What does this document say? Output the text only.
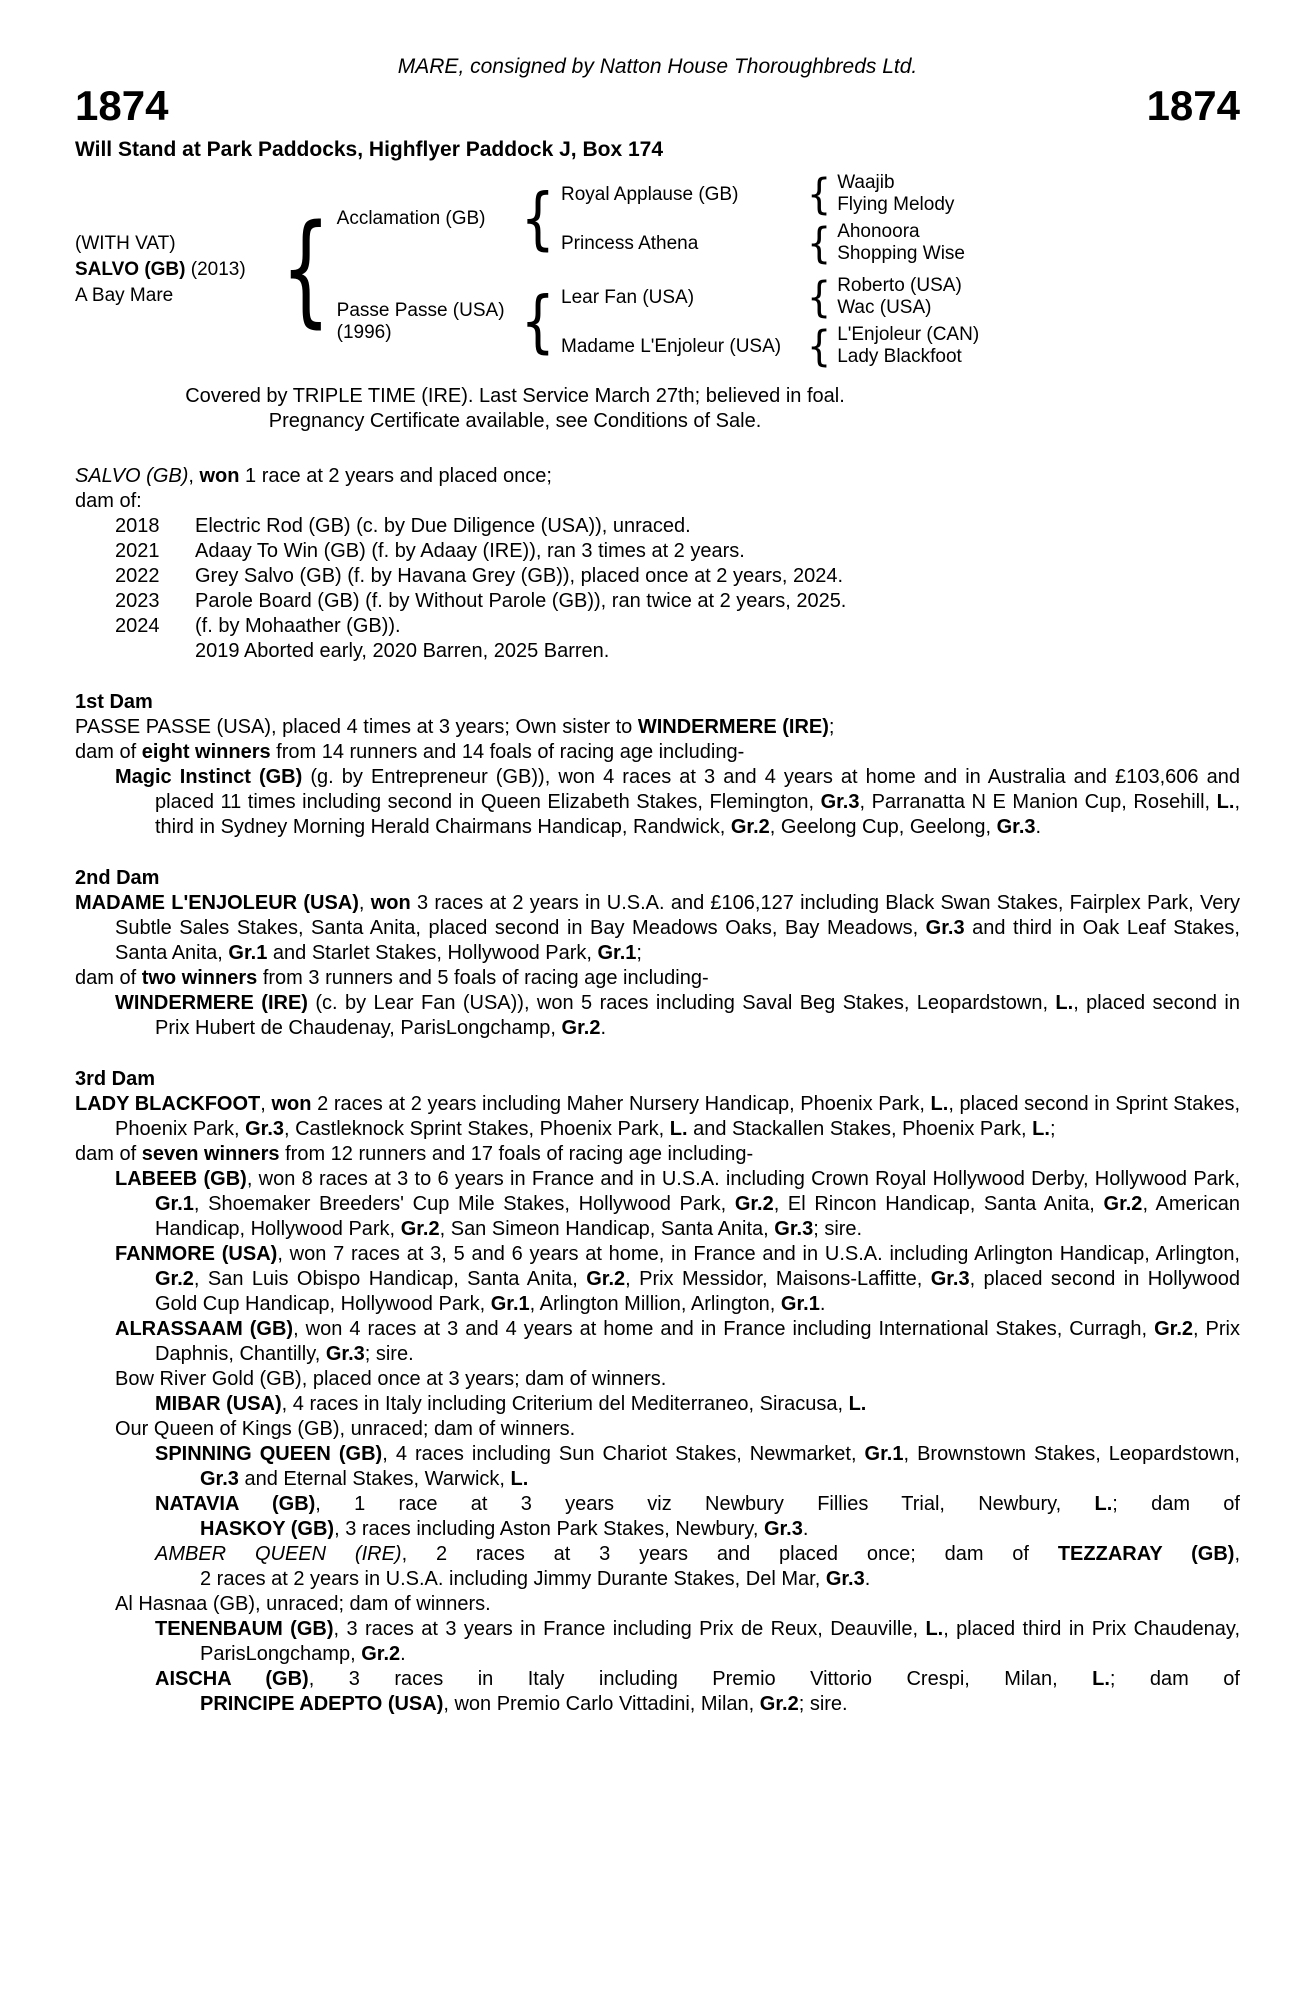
MARE, consigned by Natton House Thoroughbreds Ltd.
1874	1874
Will Stand at Park Paddocks, Highflyer Paddock J, Box 174
(WITH VAT)
SALVO (GB) (2013)
A Bay Mare	{ Acclamation (GB) { Royal Applause (GB)	{ Waajib
Flying Melody
Princess Athena	{ Ahonoora
Shopping Wise
Passe Passe (USA)
(1996)	{ Lear Fan (USA)	{ Roberto (USA)
Wac (USA)
Madame L'Enjoleur (USA) { L'Enjoleur (CAN)
Lady Blackfoot
Covered by TRIPLE TIME (IRE). Last Service March 27th; believed in foal.
Pregnancy Certificate available, see Conditions of Sale.
SALVO (GB), won 1 race at 2 years and placed once;
dam of:
2018	Electric Rod (GB) (c. by Due Diligence (USA)), unraced.
2021	Adaay To Win (GB) (f. by Adaay (IRE)), ran 3 times at 2 years.
2022	Grey Salvo (GB) (f. by Havana Grey (GB)), placed once at 2 years, 2024.
2023	Parole Board (GB) (f. by Without Parole (GB)), ran twice at 2 years, 2025.
2024	(f. by Mohaather (GB)).
2019 Aborted early, 2020 Barren, 2025 Barren.
1st Dam
PASSE PASSE (USA), placed 4 times at 3 years; Own sister to WINDERMERE (IRE);
dam of eight winners from 14 runners and 14 foals of racing age including-
Magic Instinct (GB) (g. by Entrepreneur (GB)), won 4 races at 3 and 4 years at home and in Australia and £103,606 and placed 11 times including second in Queen Elizabeth Stakes, Flemington, Gr.3, Parranatta N E Manion Cup, Rosehill, L., third in Sydney Morning Herald Chairmans Handicap, Randwick, Gr.2, Geelong Cup, Geelong, Gr.3.
2nd Dam
MADAME L'ENJOLEUR (USA), won 3 races at 2 years in U.S.A. and £106,127 including Black Swan Stakes, Fairplex Park, Very Subtle Sales Stakes, Santa Anita, placed second in Bay Meadows Oaks, Bay Meadows, Gr.3 and third in Oak Leaf Stakes, Santa Anita, Gr.1 and Starlet Stakes, Hollywood Park, Gr.1;
dam of two winners from 3 runners and 5 foals of racing age including-
WINDERMERE (IRE) (c. by Lear Fan (USA)), won 5 races including Saval Beg Stakes, Leopardstown, L., placed second in Prix Hubert de Chaudenay, ParisLongchamp, Gr.2.
3rd Dam
LADY BLACKFOOT, won 2 races at 2 years including Maher Nursery Handicap, Phoenix Park, L., placed second in Sprint Stakes, Phoenix Park, Gr.3, Castleknock Sprint Stakes, Phoenix Park, L. and Stackallen Stakes, Phoenix Park, L.;
dam of seven winners from 12 runners and 17 foals of racing age including-
LABEEB (GB), won 8 races at 3 to 6 years in France and in U.S.A. including Crown Royal Hollywood Derby, Hollywood Park, Gr.1, Shoemaker Breeders' Cup Mile Stakes, Hollywood Park, Gr.2, El Rincon Handicap, Santa Anita, Gr.2, American Handicap, Hollywood Park, Gr.2, San Simeon Handicap, Santa Anita, Gr.3; sire.
FANMORE (USA), won 7 races at 3, 5 and 6 years at home, in France and in U.S.A. including Arlington Handicap, Arlington, Gr.2, San Luis Obispo Handicap, Santa Anita, Gr.2, Prix Messidor, Maisons-Laffitte, Gr.3, placed second in Hollywood Gold Cup Handicap, Hollywood Park, Gr.1, Arlington Million, Arlington, Gr.1.
ALRASSAAM (GB), won 4 races at 3 and 4 years at home and in France including International Stakes, Curragh, Gr.2, Prix Daphnis, Chantilly, Gr.3; sire.
Bow River Gold (GB), placed once at 3 years; dam of winners.
MIBAR (USA), 4 races in Italy including Criterium del Mediterraneo, Siracusa, L.
Our Queen of Kings (GB), unraced; dam of winners.
SPINNING QUEEN (GB), 4 races including Sun Chariot Stakes, Newmarket, Gr.1, Brownstown Stakes, Leopardstown, Gr.3 and Eternal Stakes, Warwick, L.
NATAVIA (GB), 1 race at 3 years viz Newbury Fillies Trial, Newbury, L.; dam of
HASKOY (GB), 3 races including Aston Park Stakes, Newbury, Gr.3.
AMBER QUEEN (IRE), 2 races at 3 years and placed once; dam of TEZZARAY (GB),
2 races at 2 years in U.S.A. including Jimmy Durante Stakes, Del Mar, Gr.3.
Al Hasnaa (GB), unraced; dam of winners.
TENENBAUM (GB), 3 races at 3 years in France including Prix de Reux, Deauville, L., placed third in Prix Chaudenay, ParisLongchamp, Gr.2.
AISCHA (GB), 3 races in Italy including Premio Vittorio Crespi, Milan, L.; dam of
PRINCIPE ADEPTO (USA), won Premio Carlo Vittadini, Milan, Gr.2; sire.
